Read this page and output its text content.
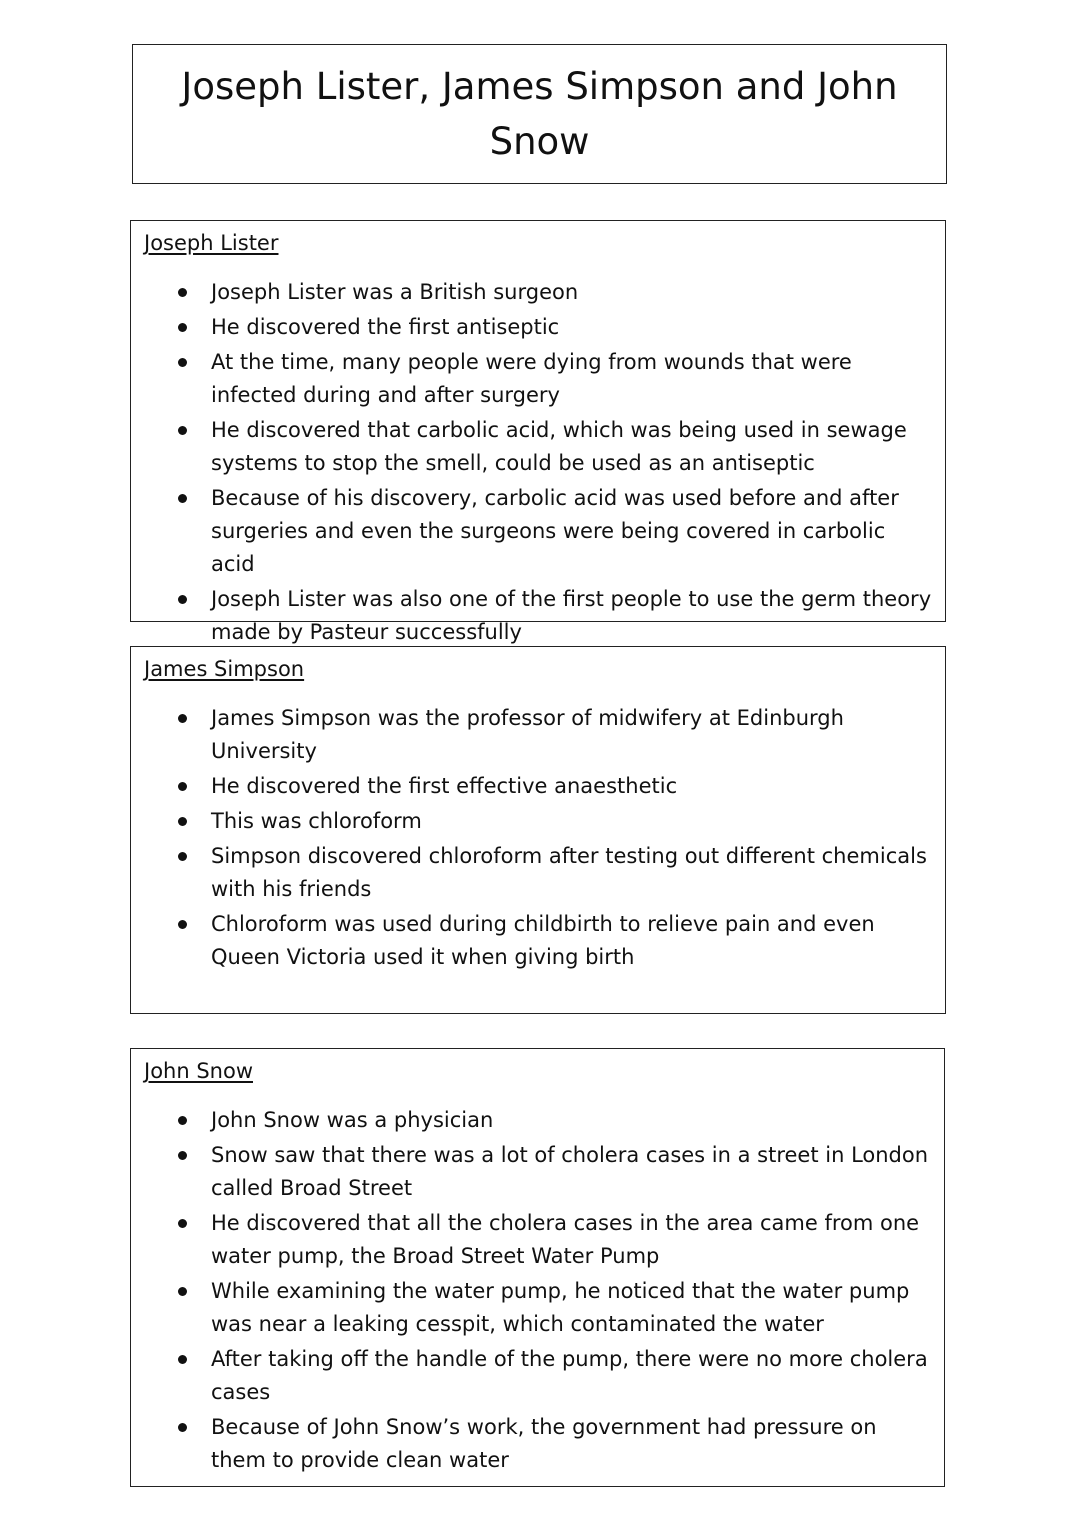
Joseph Lister, James Simpson and John Snow
Joseph Lister
Joseph Lister was a British surgeon
He discovered the first antiseptic
At the time, many people were dying from wounds that were infected during and after surgery
He discovered that carbolic acid, which was being used in sewage systems to stop the smell, could be used as an antiseptic
Because of his discovery, carbolic acid was used before and after surgeries and even the surgeons were being covered in carbolic acid
Joseph Lister was also one of the first people to use the germ theory made by Pasteur successfully
James Simpson
James Simpson was the professor of midwifery at Edinburgh University
He discovered the first effective anaesthetic
This was chloroform
Simpson discovered chloroform after testing out different chemicals with his friends
Chloroform was used during childbirth to relieve pain and even Queen Victoria used it when giving birth
John Snow
John Snow was a physician
Snow saw that there was a lot of cholera cases in a street in London called Broad Street
He discovered that all the cholera cases in the area came from one water pump, the Broad Street Water Pump
While examining the water pump, he noticed that the water pump was near a leaking cesspit, which contaminated the water
After taking off the handle of the pump, there were no more cholera cases
Because of John Snow’s work, the government had pressure on them to provide clean water
